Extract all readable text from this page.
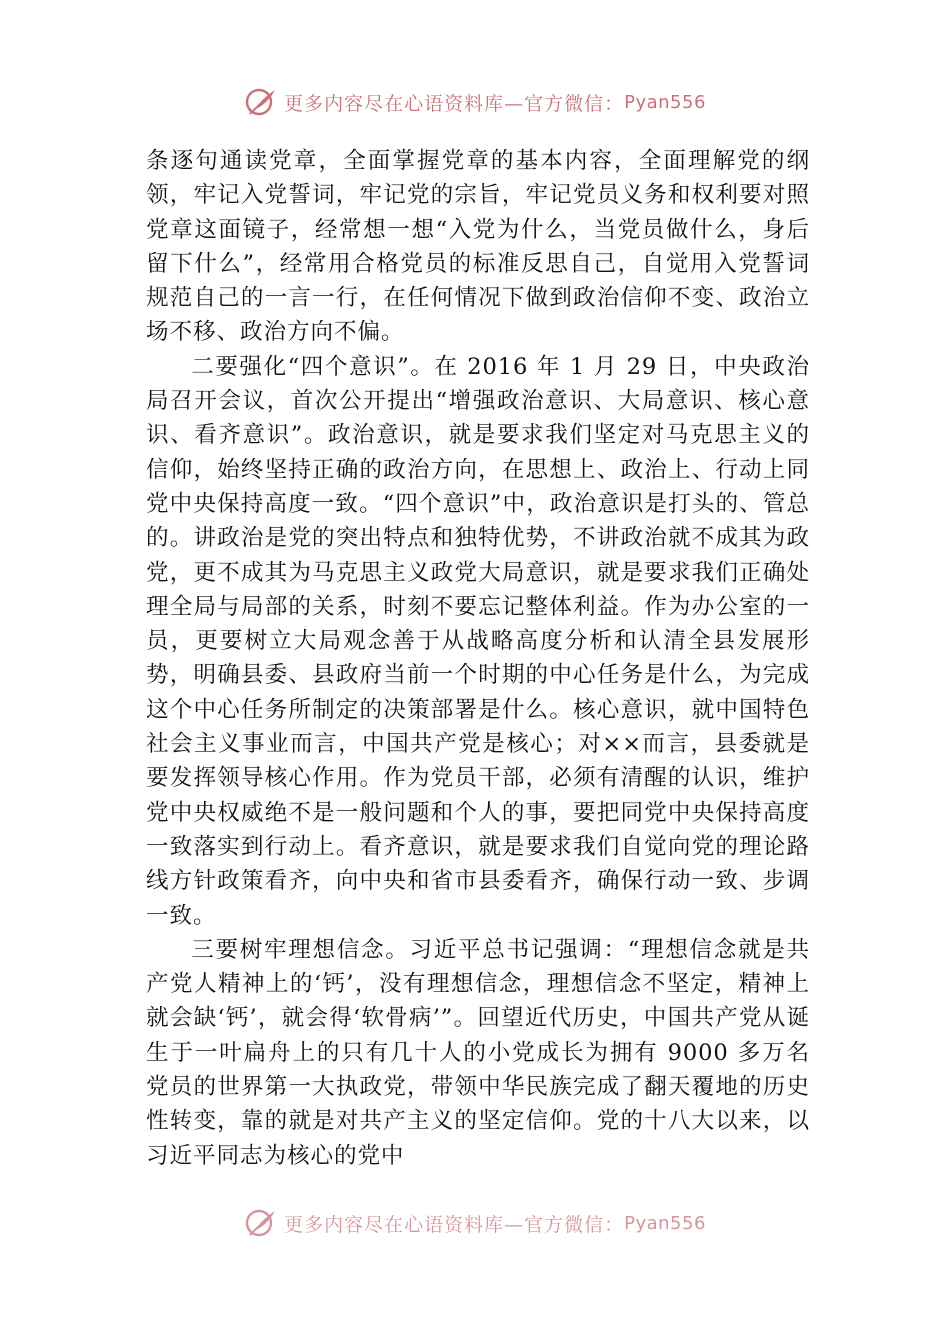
更多内容尽在心语资料库—官方微信： Pyan556

条逐句通读党章，全面掌握党章的基本内容，全面理解党的纲领，牢记入党誓词，牢记党的宗旨，牢记党员义务和权利要对照党章这面镜子，经常想一想“入党为什么，当党员做什么，身后留下什么”，经常用合格党员的标准反思自己，自觉用入党誓词规范自己的一言一行，在任何情况下做到政治信仰不变、政治立场不移、政治方向不偏。

二要强化“四个意识”。在 2016 年 1 月 29 日，中央政治局召开会议，首次公开提出“增强政治意识、大局意识、核心意识、看齐意识”。政治意识，就是要求我们坚定对马克思主义的信仰，始终坚持正确的政治方向，在思想上、政治上、行动上同党中央保持高度一致。“四个意识”中，政治意识是打头的、管总的。讲政治是党的突出特点和独特优势，不讲政治就不成其为政党，更不成其为马克思主义政党大局意识，就是要求我们正确处理全局与局部的关系，时刻不要忘记整体利益。作为办公室的一员，更要树立大局观念善于从战略高度分析和认清全县发展形势，明确县委、县政府当前一个时期的中心任务是什么，为完成这个中心任务所制定的决策部署是什么。核心意识，就中国特色社会主义事业而言，中国共产党是核心；对××而言，县委就是要发挥领导核心作用。作为党员干部，必须有清醒的认识，维护党中央权威绝不是一般问题和个人的事，要把同党中央保持高度一致落实到行动上。看齐意识，就是要求我们自觉向党的理论路线方针政策看齐，向中央和省市县委看齐，确保行动一致、步调一致。

三要树牢理想信念。习近平总书记强调：“理想信念就是共产党人精神上的‘钙’，没有理想信念，理想信念不坚定，精神上就会缺‘钙’，就会得‘软骨病’”。回望近代历史，中国共产党从诞生于一叶扁舟上的只有几十人的小党成长为拥有 9000 多万名党员的世界第一大执政党，带领中华民族完成了翻天覆地的历史性转变，靠的就是对共产主义的坚定信仰。党的十八大以来，以习近平同志为核心的党中

更多内容尽在心语资料库—官方微信： Pyan556
